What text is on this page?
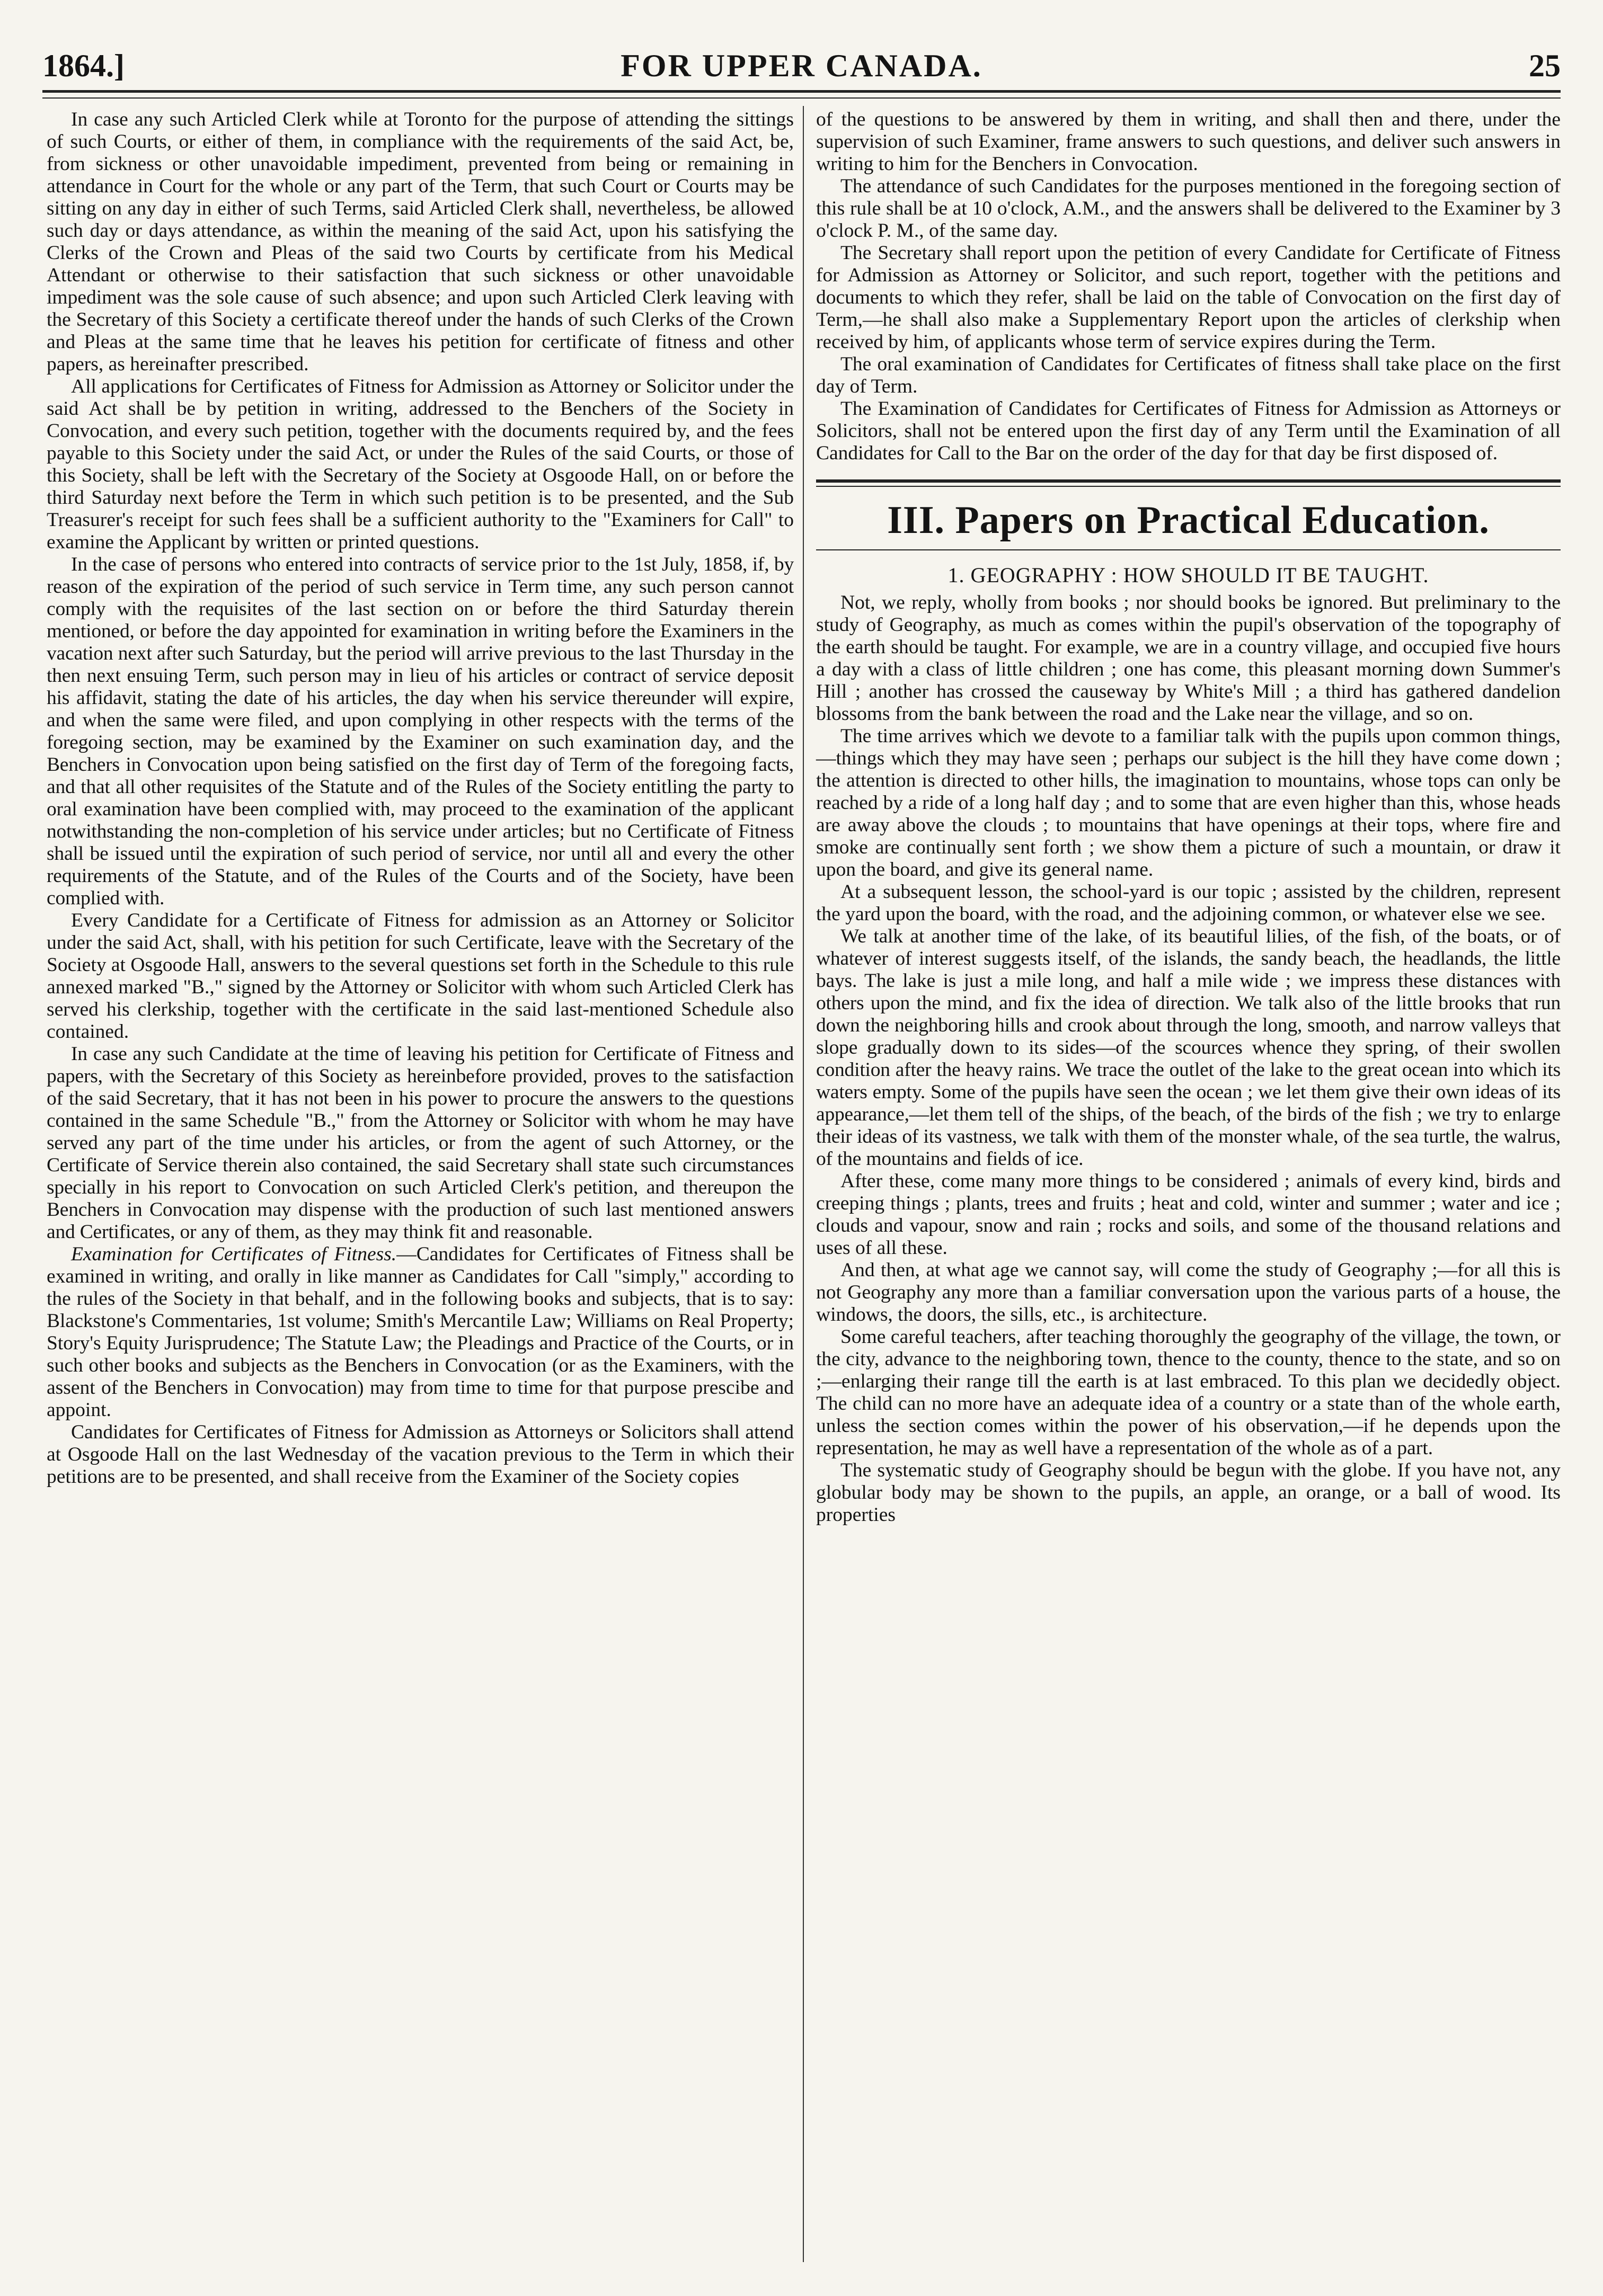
1864.]	FOR UPPER CANADA.	25

In case any such Articled Clerk while at Toronto for the purpose of attending the sittings of such Courts, or either of them, in compliance with the requirements of the said Act, be, from sickness or other unavoidable impediment, prevented from being or remaining in attendance in Court for the whole or any part of the Term, that such Court or Courts may be sitting on any day in either of such Terms, said Articled Clerk shall, nevertheless, be allowed such day or days attendance, as within the meaning of the said Act, upon his satisfying the Clerks of the Crown and Pleas of the said two Courts by certificate from his Medical Attendant or otherwise to their satisfaction that such sickness or other unavoidable impediment was the sole cause of such absence; and upon such Articled Clerk leaving with the Secretary of this Society a certificate thereof under the hands of such Clerks of the Crown and Pleas at the same time that he leaves his petition for certificate of fitness and other papers, as hereinafter prescribed.

All applications for Certificates of Fitness for Admission as Attorney or Solicitor under the said Act shall be by petition in writing, addressed to the Benchers of the Society in Convocation, and every such petition, together with the documents required by, and the fees payable to this Society under the said Act, or under the Rules of the said Courts, or those of this Society, shall be left with the Secretary of the Society at Osgoode Hall, on or before the third Saturday next before the Term in which such petition is to be presented, and the Sub Treasurer's receipt for such fees shall be a sufficient authority to the "Examiners for Call" to examine the Applicant by written or printed questions.

In the case of persons who entered into contracts of service prior to the 1st July, 1858, if, by reason of the expiration of the period of such service in Term time, any such person cannot comply with the requisites of the last section on or before the third Saturday therein mentioned, or before the day appointed for examination in writing before the Examiners in the vacation next after such Saturday, but the period will arrive previous to the last Thursday in the then next ensuing Term, such person may in lieu of his articles or contract of service deposit his affidavit, stating the date of his articles, the day when his service thereunder will expire, and when the same were filed, and upon complying in other respects with the terms of the foregoing section, may be examined by the Examiner on such examination day, and the Benchers in Convocation upon being satisfied on the first day of Term of the foregoing facts, and that all other requisites of the Statute and of the Rules of the Society entitling the party to oral examination have been complied with, may proceed to the examination of the applicant notwithstanding the non-completion of his service under articles; but no Certificate of Fitness shall be issued until the expiration of such period of service, nor until all and every the other requirements of the Statute, and of the Rules of the Courts and of the Society, have been complied with.

Every Candidate for a Certificate of Fitness for admission as an Attorney or Solicitor under the said Act, shall, with his petition for such Certificate, leave with the Secretary of the Society at Osgoode Hall, answers to the several questions set forth in the Schedule to this rule annexed marked "B.," signed by the Attorney or Solicitor with whom such Articled Clerk has served his clerkship, together with the certificate in the said last-mentioned Schedule also contained.

In case any such Candidate at the time of leaving his petition for Certificate of Fitness and papers, with the Secretary of this Society as hereinbefore provided, proves to the satisfaction of the said Secretary, that it has not been in his power to procure the answers to the questions contained in the same Schedule "B.," from the Attorney or Solicitor with whom he may have served any part of the time under his articles, or from the agent of such Attorney, or the Certificate of Service therein also contained, the said Secretary shall state such circumstances specially in his report to Convocation on such Articled Clerk's petition, and thereupon the Benchers in Convocation may dispense with the production of such last mentioned answers and Certificates, or any of them, as they may think fit and reasonable.

Examination for Certificates of Fitness.—Candidates for Certificates of Fitness shall be examined in writing, and orally in like manner as Candidates for Call "simply," according to the rules of the Society in that behalf, and in the following books and subjects, that is to say: Blackstone's Commentaries, 1st volume; Smith's Mercantile Law; Williams on Real Property; Story's Equity Jurisprudence; The Statute Law; the Pleadings and Practice of the Courts, or in such other books and subjects as the Benchers in Convocation (or as the Examiners, with the assent of the Benchers in Convocation) may from time to time for that purpose prescibe and appoint.

Candidates for Certificates of Fitness for Admission as Attorneys or Solicitors shall attend at Osgoode Hall on the last Wednesday of the vacation previous to the Term in which their petitions are to be presented, and shall receive from the Examiner of the Society copies

of the questions to be answered by them in writing, and shall then and there, under the supervision of such Examiner, frame answers to such questions, and deliver such answers in writing to him for the Benchers in Convocation.

The attendance of such Candidates for the purposes mentioned in the foregoing section of this rule shall be at 10 o'clock, A.M., and the answers shall be delivered to the Examiner by 3 o'clock P. M., of the same day.

The Secretary shall report upon the petition of every Candidate for Certificate of Fitness for Admission as Attorney or Solicitor, and such report, together with the petitions and documents to which they refer, shall be laid on the table of Convocation on the first day of Term,—he shall also make a Supplementary Report upon the articles of clerkship when received by him, of applicants whose term of service expires during the Term.

The oral examination of Candidates for Certificates of fitness shall take place on the first day of Term.

The Examination of Candidates for Certificates of Fitness for Admission as Attorneys or Solicitors, shall not be entered upon the first day of any Term until the Examination of all Candidates for Call to the Bar on the order of the day for that day be first disposed of.

III. Papers on Practical Education.
1. GEOGRAPHY : HOW SHOULD IT BE TAUGHT.

Not, we reply, wholly from books ; nor should books be ignored. But preliminary to the study of Geography, as much as comes within the pupil's observation of the topography of the earth should be taught. For example, we are in a country village, and occupied five hours a day with a class of little children ; one has come, this pleasant morning down Summer's Hill ; another has crossed the causeway by White's Mill ; a third has gathered dandelion blossoms from the bank between the road and the Lake near the village, and so on.

The time arrives which we devote to a familiar talk with the pupils upon common things,—things which they may have seen ; perhaps our subject is the hill they have come down ; the attention is directed to other hills, the imagination to mountains, whose tops can only be reached by a ride of a long half day ; and to some that are even higher than this, whose heads are away above the clouds ; to mountains that have openings at their tops, where fire and smoke are continually sent forth ; we show them a picture of such a mountain, or draw it upon the board, and give its general name.

At a subsequent lesson, the school-yard is our topic ; assisted by the children, represent the yard upon the board, with the road, and the adjoining common, or whatever else we see.

We talk at another time of the lake, of its beautiful lilies, of the fish, of the boats, or of whatever of interest suggests itself, of the islands, the sandy beach, the headlands, the little bays. The lake is just a mile long, and half a mile wide ; we impress these distances with others upon the mind, and fix the idea of direction. We talk also of the little brooks that run down the neighboring hills and crook about through the long, smooth, and narrow valleys that slope gradually down to its sides—of the scources whence they spring, of their swollen condition after the heavy rains. We trace the outlet of the lake to the great ocean into which its waters empty. Some of the pupils have seen the ocean ; we let them give their own ideas of its appearance,—let them tell of the ships, of the beach, of the birds of the fish ; we try to enlarge their ideas of its vastness, we talk with them of the monster whale, of the sea turtle, the walrus, of the mountains and fields of ice.

After these, come many more things to be considered ; animals of every kind, birds and creeping things ; plants, trees and fruits ; heat and cold, winter and summer ; water and ice ; clouds and vapour, snow and rain ; rocks and soils, and some of the thousand relations and uses of all these.

And then, at what age we cannot say, will come the study of Geography ;—for all this is not Geography any more than a familiar conversation upon the various parts of a house, the windows, the doors, the sills, etc., is architecture.

Some careful teachers, after teaching thoroughly the geography of the village, the town, or the city, advance to the neighboring town, thence to the county, thence to the state, and so on ;—enlarging their range till the earth is at last embraced. To this plan we decidedly object. The child can no more have an adequate idea of a country or a state than of the whole earth, unless the section comes within the power of his observation,—if he depends upon the representation, he may as well have a representation of the whole as of a part.

The systematic study of Geography should be begun with the globe. If you have not, any globular body may be shown to the pupils, an apple, an orange, or a ball of wood. Its properties
